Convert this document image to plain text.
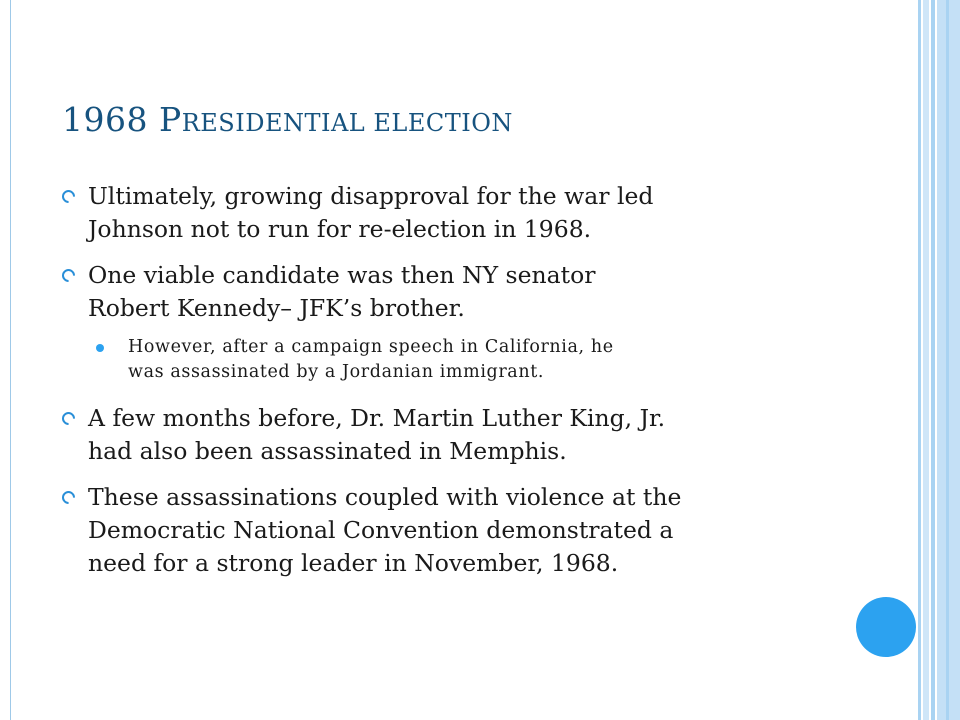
1968 PRESIDENTIAL ELECTION
Ultimately, growing disapproval for the war led
Johnson not to run for re-election in 1968.
One viable candidate was then NY senator
Robert Kennedy– JFK’s brother.
However, after a campaign speech in California, he
was assassinated by a Jordanian immigrant.
A few months before, Dr. Martin Luther King, Jr.
had also been assassinated in Memphis.
These assassinations coupled with violence at the
Democratic National Convention demonstrated a
need for a strong leader in November, 1968.
